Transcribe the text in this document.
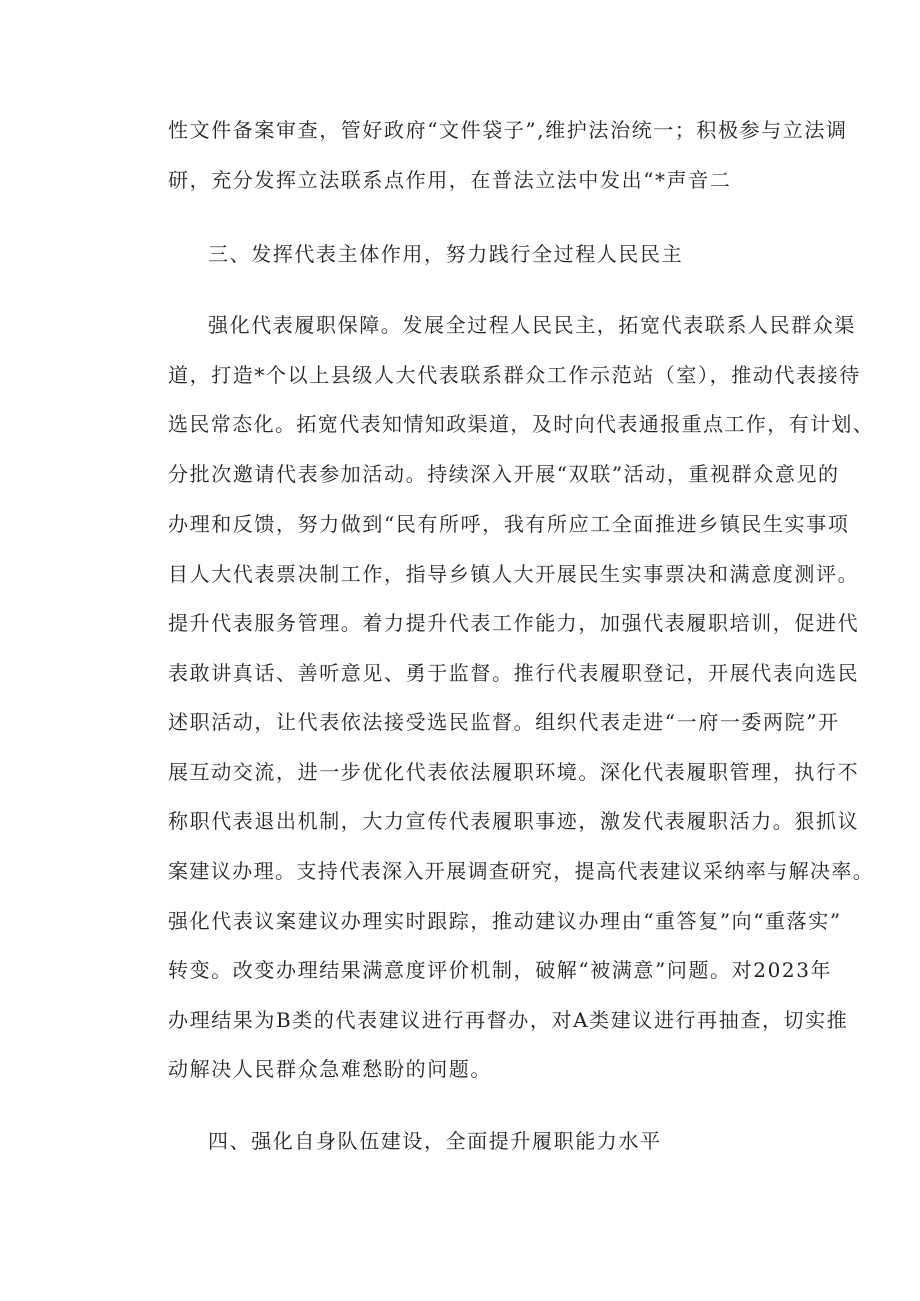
性文件备案审查，管好政府“文件袋子”,维护法治统一；积极参与立法调
研，充分发挥立法联系点作用，在普法立法中发出“*声音二
三、发挥代表主体作用，努力践行全过程人民民主
强化代表履职保障。发展全过程人民民主，拓宽代表联系人民群众渠
道，打造*个以上县级人大代表联系群众工作示范站（室），推动代表接待
选民常态化。拓宽代表知情知政渠道，及时向代表通报重点工作，有计划、
分批次邀请代表参加活动。持续深入开展“双联”活动，重视群众意见的
办理和反馈，努力做到“民有所呼，我有所应工全面推进乡镇民生实事项
目人大代表票决制工作，指导乡镇人大开展民生实事票决和满意度测评。
提升代表服务管理。着力提升代表工作能力，加强代表履职培训，促进代
表敢讲真话、善听意见、勇于监督。推行代表履职登记，开展代表向选民
述职活动，让代表依法接受选民监督。组织代表走进“一府一委两院”开
展互动交流，进一步优化代表依法履职环境。深化代表履职管理，执行不
称职代表退出机制，大力宣传代表履职事迹，激发代表履职活力。狠抓议
案建议办理。支持代表深入开展调查研究，提高代表建议采纳率与解决率。
强化代表议案建议办理实时跟踪，推动建议办理由“重答复”向“重落实”
转变。改变办理结果满意度评价机制，破解“被满意”问题。对2023年
办理结果为B类的代表建议进行再督办，对A类建议进行再抽查，切实推
动解决人民群众急难愁盼的问题。
四、强化自身队伍建设，全面提升履职能力水平
